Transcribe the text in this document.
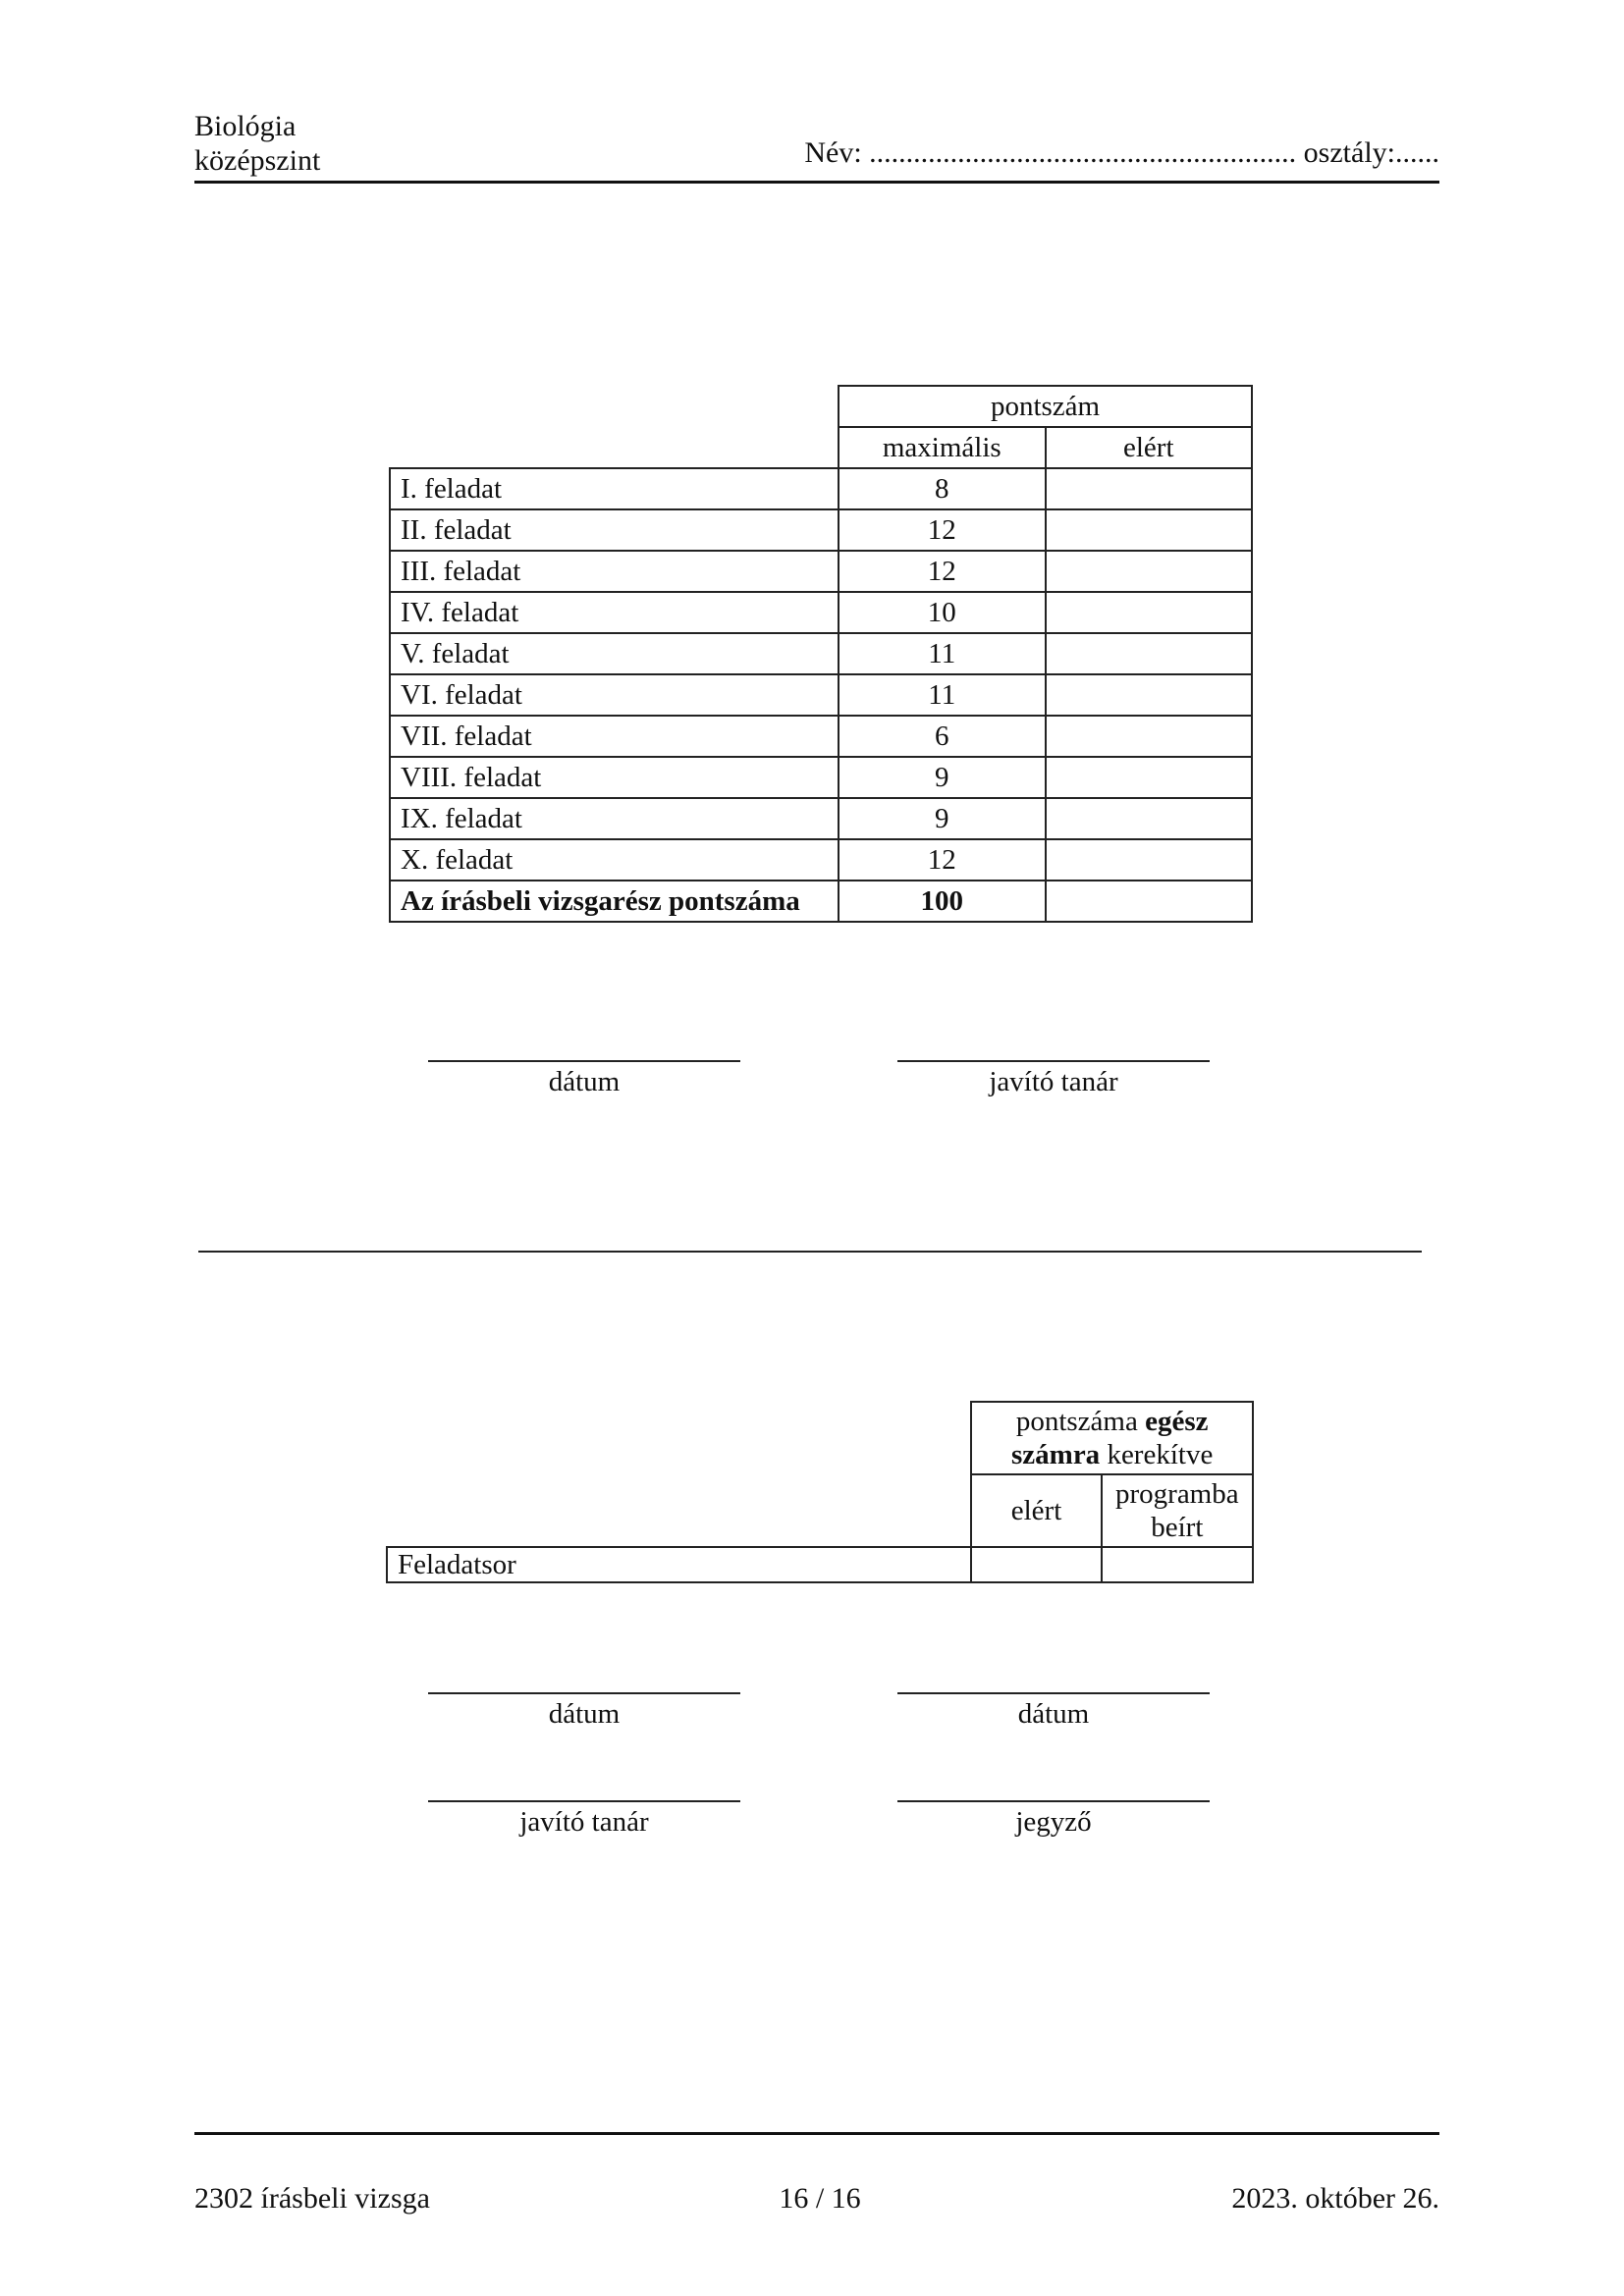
Biológia
középszint	Név: .......................................................... osztály:......
	pontszám	
	maximális	elért
I. feladat	8	
II. feladat	12	
III. feladat	12	
IV. feladat	10	
V. feladat	11	
VI. feladat	11	
VII. feladat	6	
VIII. feladat	9	
IX. feladat	9	
X. feladat	12	
Az írásbeli vizsgarész pontszáma	100	
dátum	javító tanár
	pontszáma egész
számra kerekítve	
	elért	programba
beírt
Feladatsor		
dátum	dátum
javító tanár	jegyző
2302 írásbeli vizsga	16 / 16	2023. október 26.
